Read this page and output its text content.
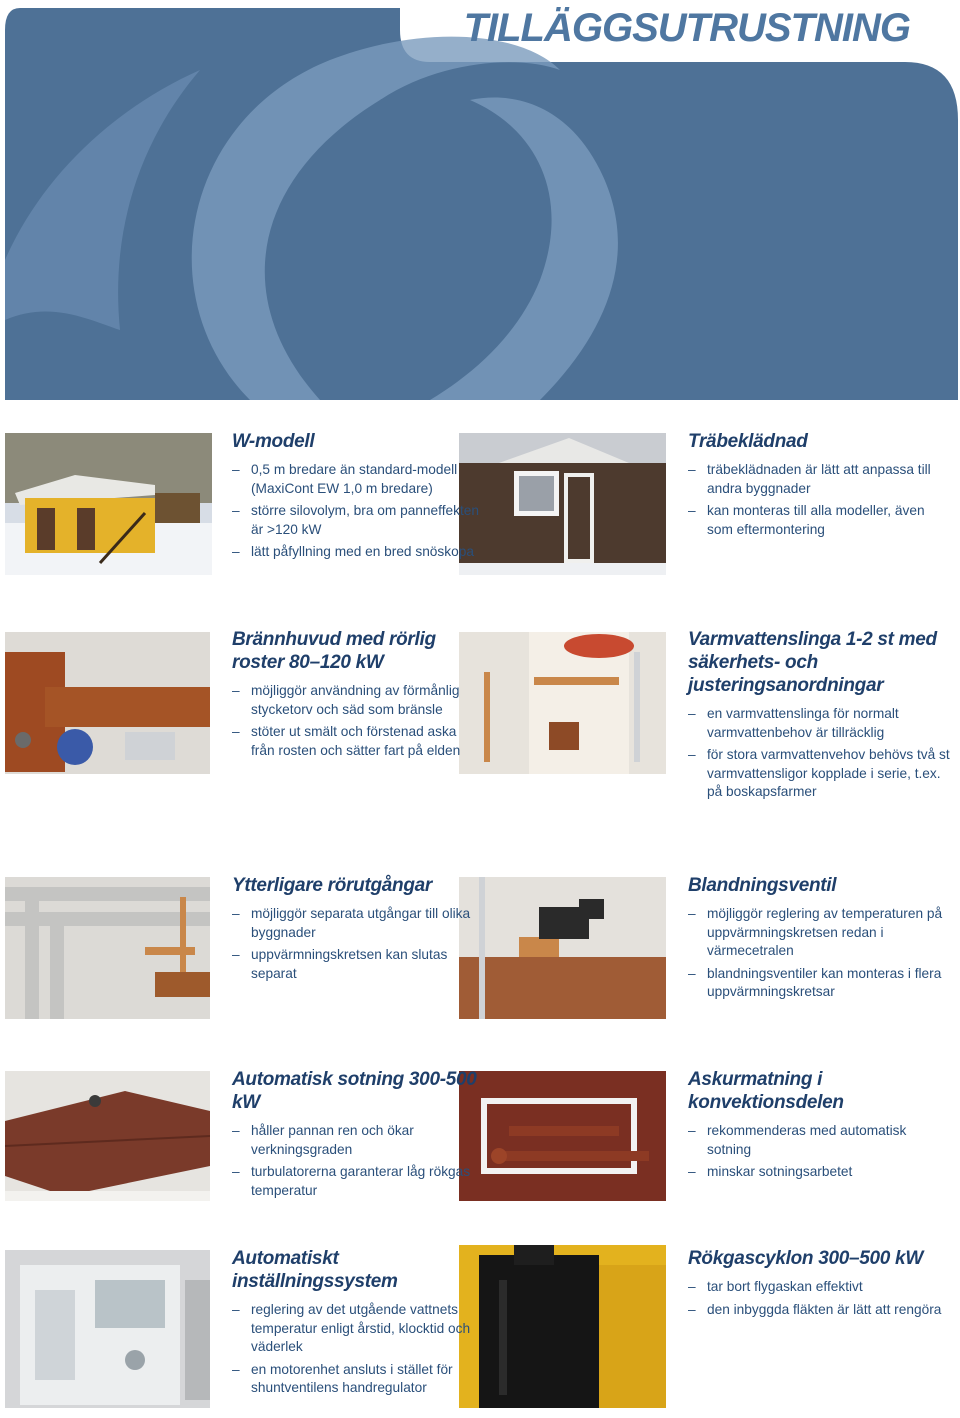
TILLÄGGSUTRUSTNING
W-modell
– 0,5 m bredare än standard-modell (MaxiCont EW 1,0 m bredare)
– större silovolym, bra om panneffekten är >120 kW
– lätt påfyllning med en bred snöskopa
Träbeklädnad
– träbeklädnaden är lätt att anpassa till andra byggnader
– kan monteras till alla modeller, även som eftermontering
Brännhuvud med rörlig roster 80–120 kW
– möjliggör användning av förmånlig stycketorv och säd som bränsle
– stöter ut smält och förstenad aska från rosten och sätter fart på elden
Varmvattenslinga 1-2 st med säkerhets- och justeringsanordningar
– en varmvattenslinga för normalt varmvattenbehov är tillräcklig
– för stora varmvattenvehov behövs två st varmvattensligor kopplade i serie, t.ex. på boskapsfarmer
Ytterligare rörutgångar
– möjliggör separata utgångar till olika byggnader
– uppvärmningskretsen kan slutas separat
Blandningsventil
– möjliggör reglering av temperaturen på uppvärmningskretsen redan i värmecetralen
– blandningsventiler kan monteras i flera uppvärmningskretsar
Automatisk sotning 300-500 kW
– håller pannan ren och ökar verkningsgraden
– turbulatorerna garanterar låg rökgas temperatur
Askurmatning i konvektionsdelen
– rekommenderas med automatisk sotning
– minskar sotningsarbetet
Automatiskt inställningssystem
– reglering av det utgående vattnets temperatur enligt årstid, klocktid och väderlek
– en motorenhet ansluts i stället för shuntventilens handregulator
Rökgascyklon 300–500 kW
– tar bort flygaskan effektivt
– den inbyggda fläkten är lätt att rengöra
